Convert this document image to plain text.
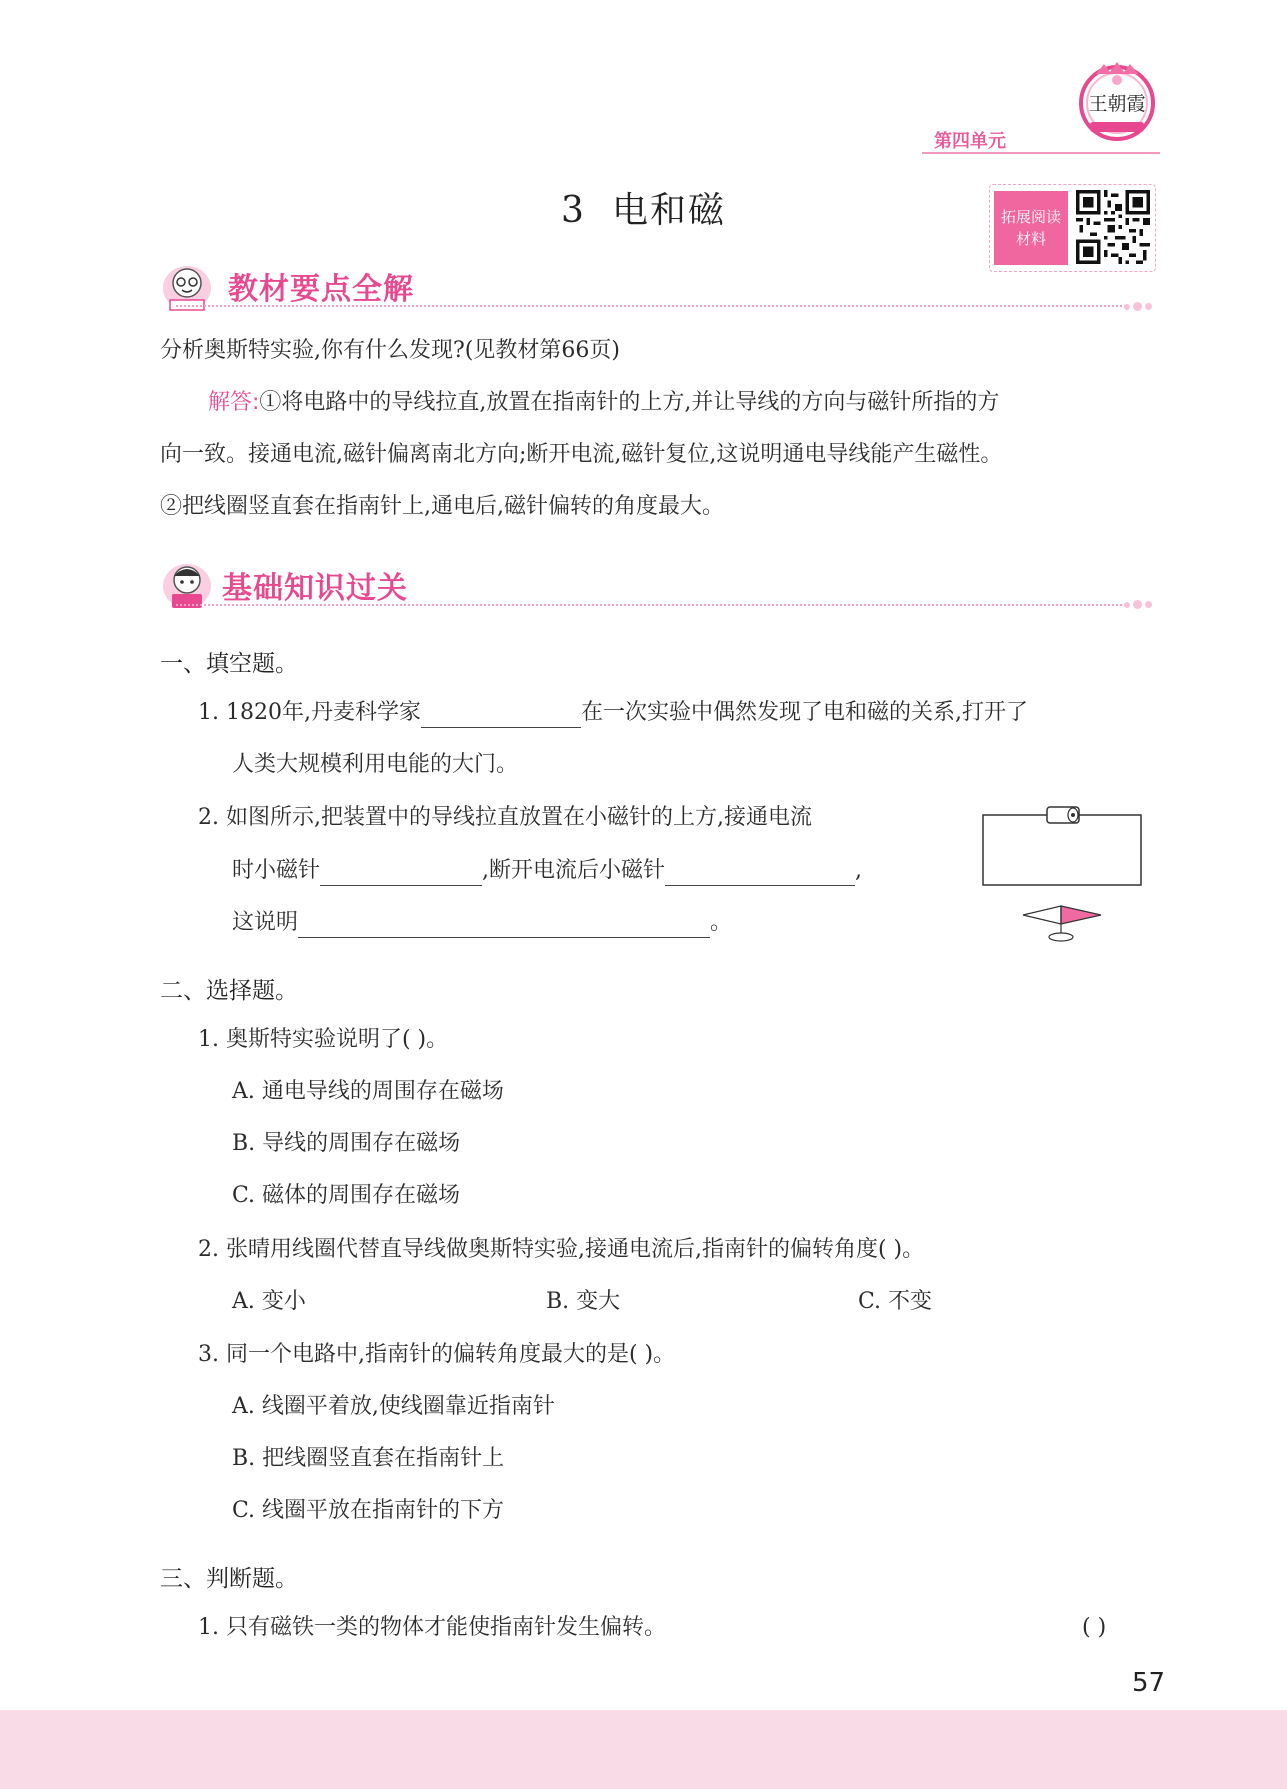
第四单元
王朝霞
3 电和磁	拓展阅读
材料
教材要点全解
分析奥斯特实验,你有什么发现?(见教材第66页)
解答:①将电路中的导线拉直,放置在指南针的上方,并让导线的方向与磁针所指的方
向一致。接通电流,磁针偏离南北方向;断开电流,磁针复位,这说明通电导线能产生磁性。
②把线圈竖直套在指南针上,通电后,磁针偏转的角度最大。
基础知识过关
一、填空题。
1. 1820年,丹麦科学家	在一次实验中偶然发现了电和磁的关系,打开了
人类大规模利用电能的大门。
2. 如图所示,把装置中的导线拉直放置在小磁针的上方,接通电流
时小磁针	,断开电流后小磁针	,
这说明	。
二、选择题。
1. 奥斯特实验说明了( )。
A. 通电导线的周围存在磁场
B. 导线的周围存在磁场
C. 磁体的周围存在磁场
2. 张晴用线圈代替直导线做奥斯特实验,接通电流后,指南针的偏转角度( )。
A. 变小	B. 变大	C. 不变
3. 同一个电路中,指南针的偏转角度最大的是( )。
A. 线圈平着放,使线圈靠近指南针
B. 把线圈竖直套在指南针上
C. 线圈平放在指南针的下方
三、判断题。
1. 只有磁铁一类的物体才能使指南针发生偏转。	( )
57
